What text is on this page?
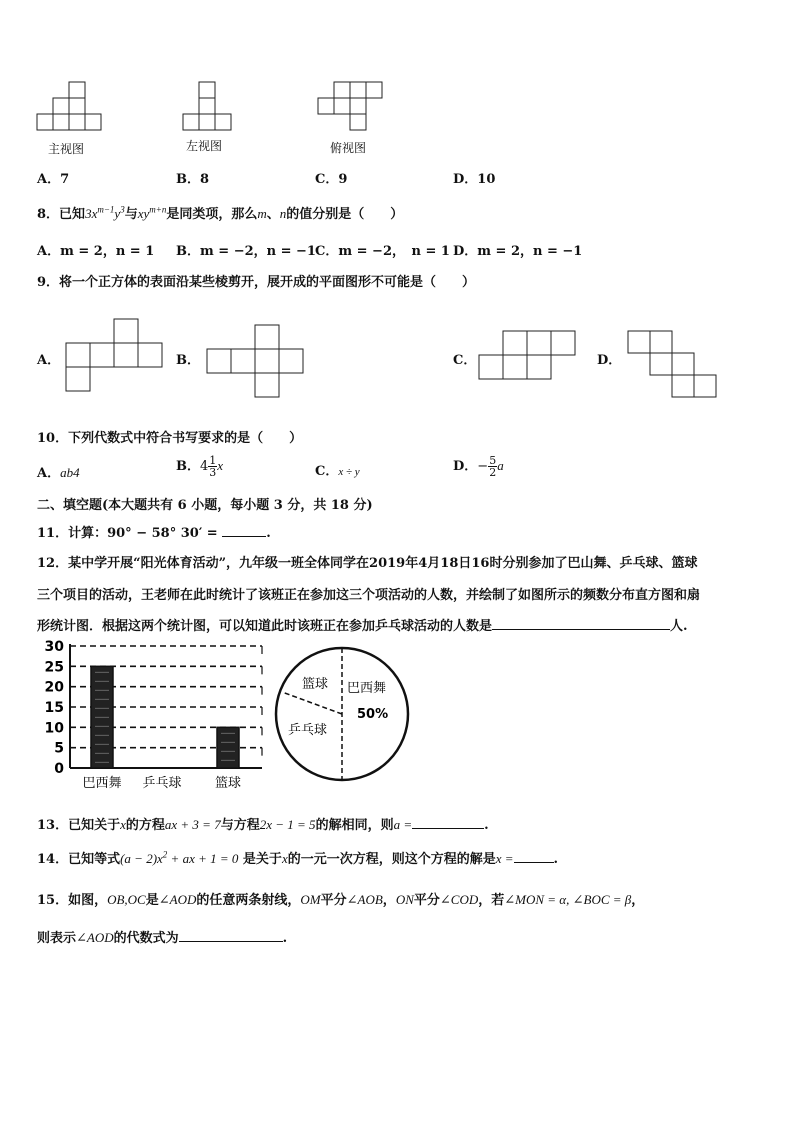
主视图	左视图	俯视图
A．7	B．8	C．9	D．10
8．已知$3x^{m-1}y^3$与$xy^{m+n}$是同类项，那么m、n的值分别是（　　）
A．m = 2，n = 1 B．m = −2，n = −1 C．m = −2，　n = 1 D．m = 2，n = −1
9．将一个正方体的表面沿某些棱剪开，展开成的平面图形不可能是（　　）
A．	B．	C．	D．
10．下列代数式中符合书写要求的是（　　）
A．ab4	B．$4 \frac{1}{3}$ x	C．x ÷ y	D．− $\frac{5}{2}$ a
二、填空题(本大题共有 6 小题，每小题 3 分，共 18 分)
11．计算：90° − 58° 30′ =	.
12．某中学开展“阳光体育活动”，九年级一班全体同学在2019年4月18日16时分别参加了巴山舞、乒乓球、篮球
三个项目的活动，王老师在此时统计了该班正在参加这三个项活动的人数，并绘制了如图所示的频数分布直方图和扇
形统计图．根据这两个统计图，可以知道此时该班正在参加乒乓球活动的人数是	人.
0
5
10
15
20
25
30
巴西舞 乒乓球	篮球
篮球 巴西舞
50%
乒乓球
13．已知关于x的方程ax + 3 = 7与方程2x − 1 = 5的解相同，则a =	.
14．已知等式$(a - 2)x^2$ + ax + 1 = 0 是关于x的一元一次方程，则这个方程的解是x =	.
15．如图，OB,OC是∠AOD的任意两条射线，OM平分∠AOB，ON平分∠COD，若∠MON = α, ∠BOC = β，
则表示∠AOD的代数式为	.
